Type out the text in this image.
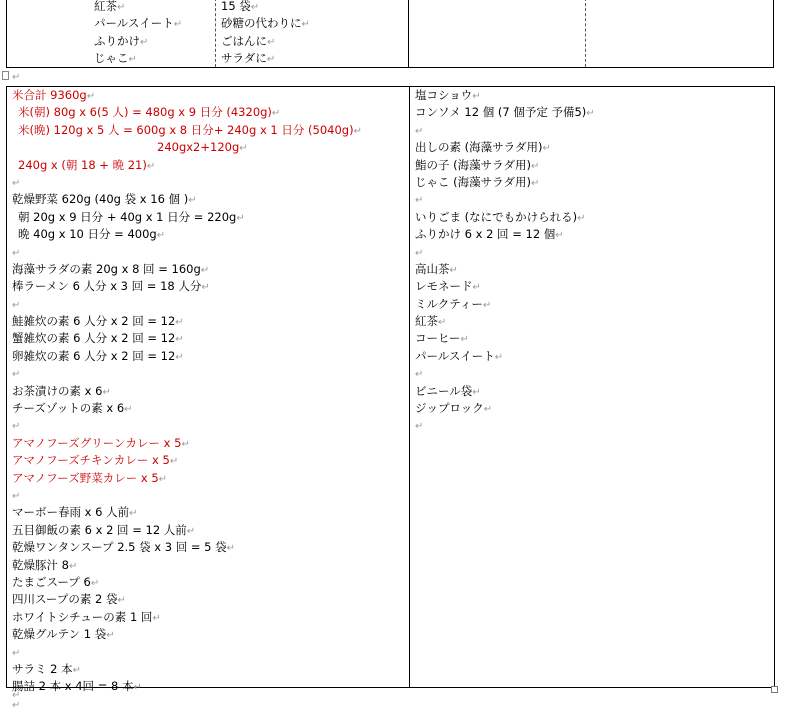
紅茶↵
パールスイート↵
ふりかけ↵
じゃこ↵
15 袋↵
砂糖の代わりに↵
ごはんに↵
サラダに↵
↵
米合計 9360g↵
米(朝) 80g x 6(5 人) = 480g x 9 日分 (4320g)↵
米(晩) 120g x 5 人 = 600g x 8 日分+ 240g x 1 日分 (5040g)↵
240gx2+120g↵
240g x (朝 18 + 晩 21)↵
↵
乾燥野菜 620g (40g 袋 x 16 個 )↵
朝 20g x 9 日分 + 40g x 1 日分 = 220g↵
晩 40g x 10 日分 = 400g↵
↵
海藻サラダの素 20g x 8 回 = 160g↵
棒ラーメン 6 人分 x 3 回 = 18 人分↵
↵
鮭雑炊の素 6 人分 x 2 回 = 12↵
蟹雑炊の素 6 人分 x 2 回 = 12↵
卵雑炊の素 6 人分 x 2 回 = 12↵
↵
お茶漬けの素 x 6↵
チーズゾットの素 x 6↵
↵
アマノフーズグリーンカレー x 5↵
アマノフーズチキンカレー x 5↵
アマノフーズ野菜カレー x 5↵
↵
マーボー春雨 x 6 人前↵
五目御飯の素 6 x 2 回 = 12 人前↵
乾燥ワンタンスープ 2.5 袋 x 3 回 = 5 袋↵
乾燥豚汁 8↵
たまごスープ 6↵
四川スープの素 2 袋↵
ホワイトシチューの素 1 回↵
乾燥グルテン 1 袋↵
↵
サラミ 2 本↵
腸詰 2 本 x 4回 = 8 本↵
↵
塩コショウ↵
コンソメ 12 個 (7 個予定 予備5)↵
↵
出しの素 (海藻サラダ用)↵
鮨の子 (海藻サラダ用)↵
じゃこ (海藻サラダ用)↵
↵
いりごま (なにでもかけられる)↵
ふりかけ 6 x 2 回 = 12 個↵
↵
高山茶↵
レモネード↵
ミルクティー↵
紅茶↵
コーヒー↵
パールスイート↵
↵
ビニール袋↵
ジップロック↵
↵
↵
